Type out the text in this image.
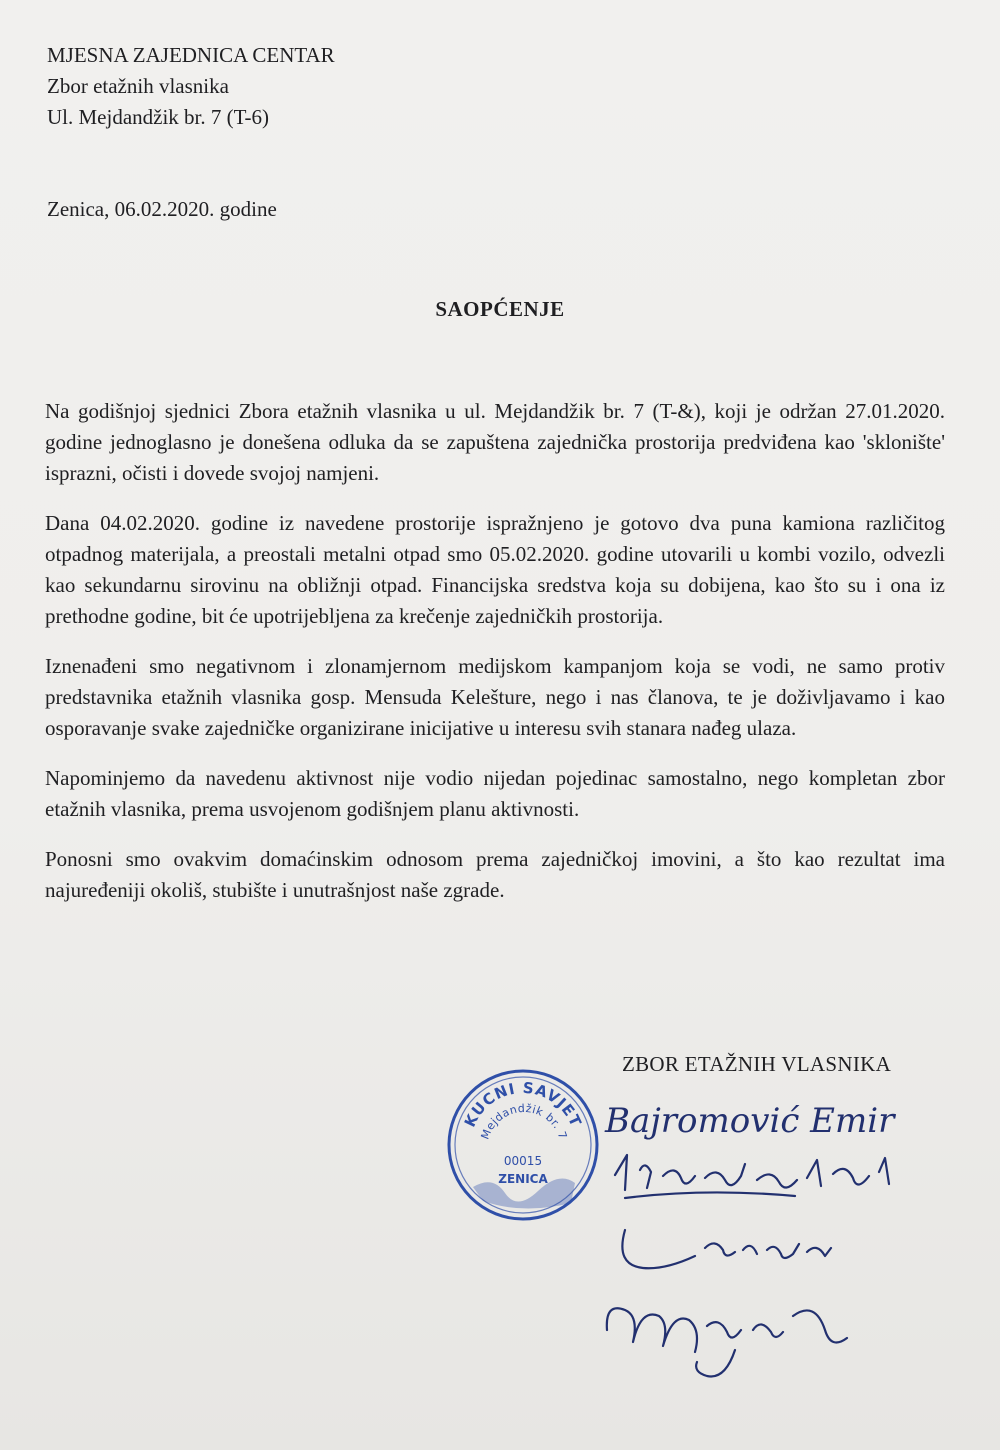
MJESNA ZAJEDNICA CENTAR
Zbor etažnih vlasnika
Ul. Mejdandžik br. 7 (T-6)
Zenica, 06.02.2020. godine
SAOPĆENJE

Na godišnjoj sjednici Zbora etažnih vlasnika u ul. Mejdandžik br. 7 (T-&), koji je održan 27.01.2020. godine jednoglasno je donešena odluka da se zapuštena zajednička prostorija predviđena kao 'sklonište' isprazni, očisti i dovede svojoj namjeni.

Dana 04.02.2020. godine iz navedene prostorije ispražnjeno je gotovo dva puna kamiona različitog otpadnog materijala, a preostali metalni otpad smo 05.02.2020. godine utovarili u kombi vozilo, odvezli kao sekundarnu sirovinu na obližnji otpad. Financijska sredstva koja su dobijena, kao što su i ona iz prethodne godine, bit će upotrijebljena za krečenje zajedničkih prostorija.

Iznenađeni smo negativnom i zlonamjernom medijskom kampanjom koja se vodi, ne samo protiv predstavnika etažnih vlasnika gosp. Mensuda Kelešture, nego i nas članova, te je doživljavamo i kao osporavanje svake zajedničke organizirane inicijative u interesu svih stanara nađeg ulaza.

Napominjemo da navedenu aktivnost nije vodio nijedan pojedinac samostalno, nego kompletan zbor etažnih vlasnika, prema usvojenom godišnjem planu aktivnosti.

Ponosni smo ovakvim domaćinskim odnosom prema zajedničkoj imovini, a što kao rezultat ima najuređeniji okoliš, stubište i unutrašnjost naše zgrade.

ZBOR ETAŽNIH VLASNIKA
KUCNI SAVJET
Mejdandžik br. 7
00015
ZENICA
Bajromović Emir
